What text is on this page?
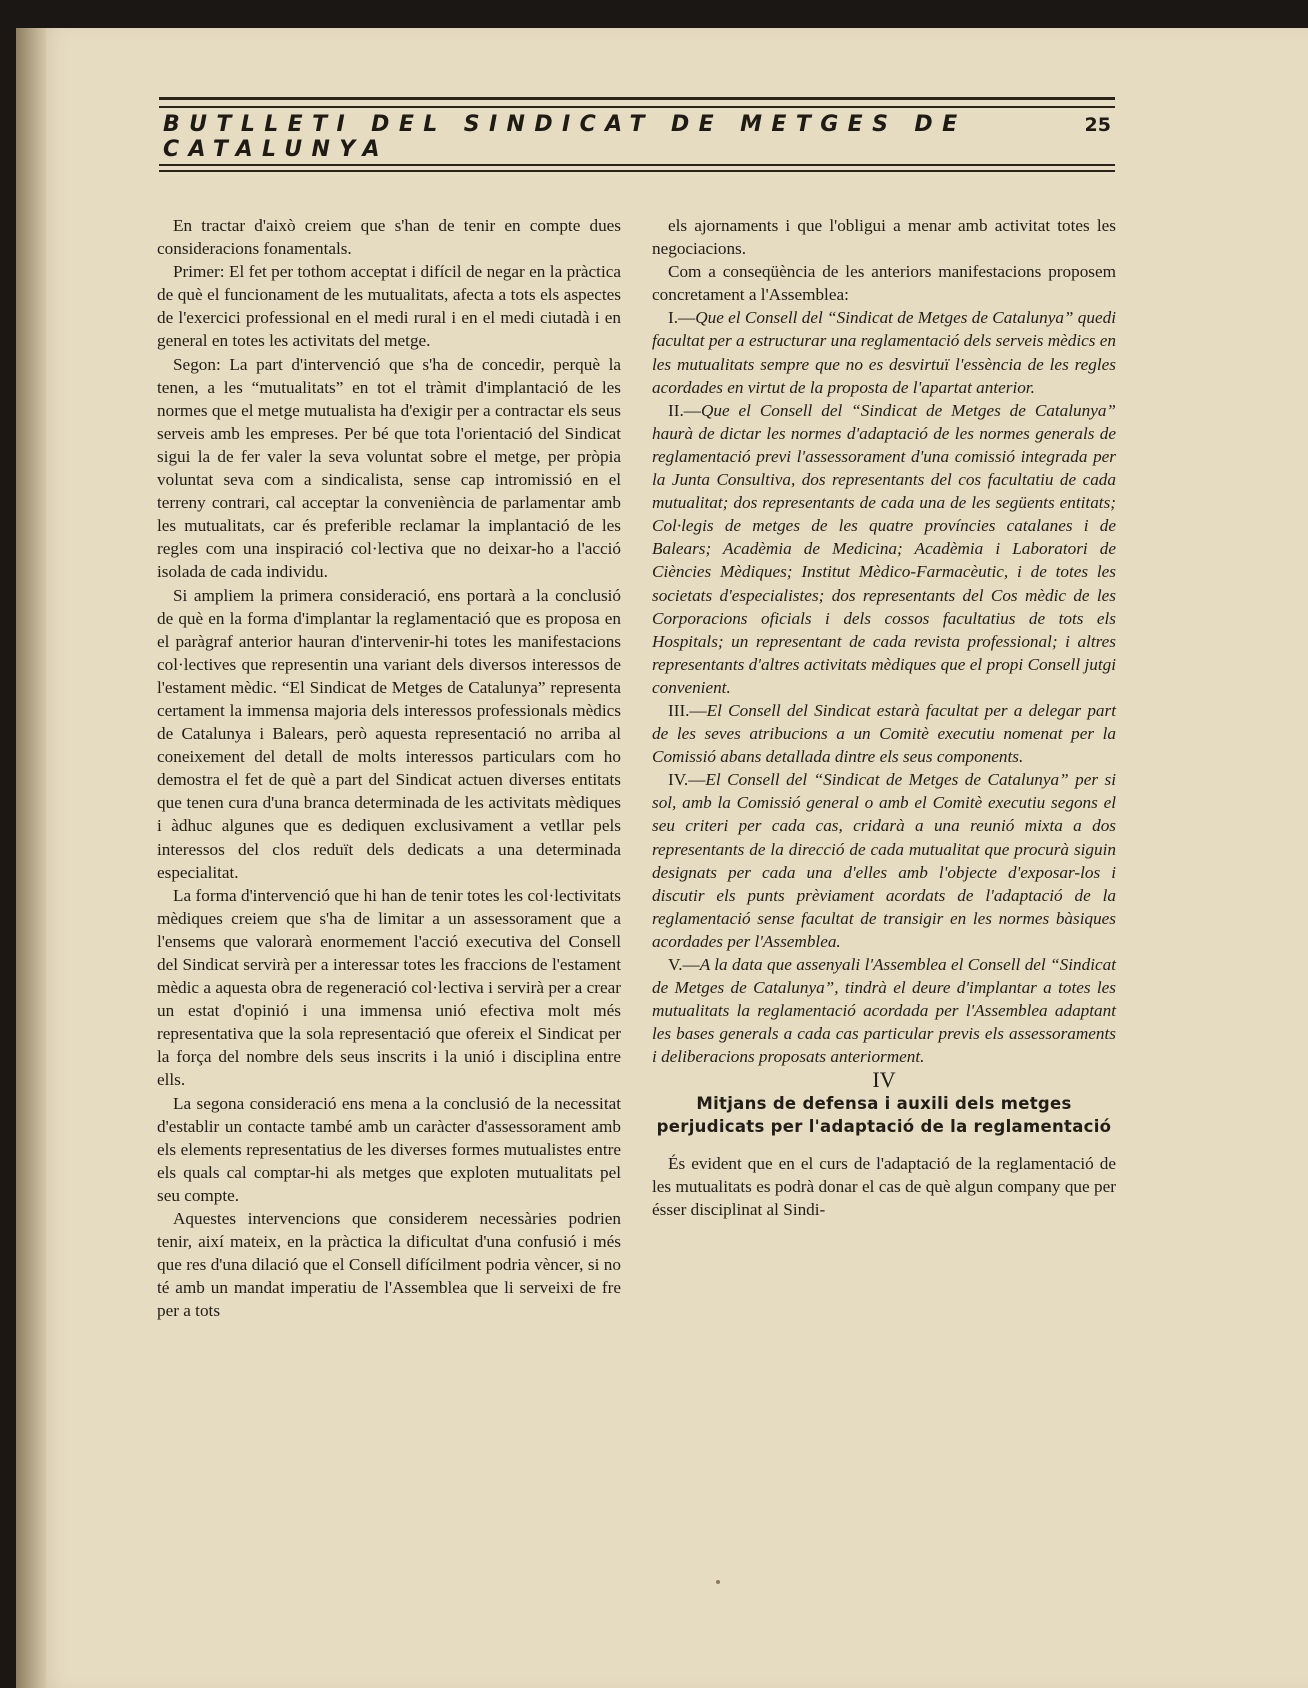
BUTLLETI DEL SINDICAT DE METGES DE CATALUNYA
25

En tractar d'això creiem que s'han de tenir en compte dues consideracions fonamentals.

Primer: El fet per tothom acceptat i difícil de negar en la pràctica de què el funcionament de les mutualitats, afecta a tots els aspectes de l'exercici professional en el medi rural i en el medi ciutadà i en general en totes les activitats del metge.

Segon: La part d'intervenció que s'ha de concedir, perquè la tenen, a les “mutualitats” en tot el tràmit d'implantació de les normes que el metge mutualista ha d'exigir per a contractar els seus serveis amb les empreses. Per bé que tota l'orientació del Sindicat sigui la de fer valer la seva voluntat sobre el metge, per pròpia voluntat seva com a sindicalista, sense cap intromissió en el terreny contrari, cal acceptar la conveniència de parlamentar amb les mutualitats, car és preferible reclamar la implantació de les regles com una inspiració col·lectiva que no deixar-ho a l'acció isolada de cada individu.

Si ampliem la primera consideració, ens portarà a la conclusió de què en la forma d'implantar la reglamentació que es proposa en el paràgraf anterior hauran d'intervenir-hi totes les manifestacions col·lectives que representin una variant dels diversos interessos de l'estament mèdic. “El Sindicat de Metges de Catalunya” representa certament la immensa majoria dels interessos professionals mèdics de Catalunya i Balears, però aquesta representació no arriba al coneixement del detall de molts interessos particulars com ho demostra el fet de què a part del Sindicat actuen diverses entitats que tenen cura d'una branca determinada de les activitats mèdiques i àdhuc algunes que es dediquen exclusivament a vetllar pels interessos del clos reduït dels dedicats a una determinada especialitat.

La forma d'intervenció que hi han de tenir totes les col·lectivitats mèdiques creiem que s'ha de limitar a un assessorament que a l'ensems que valorarà enormement l'acció executiva del Consell del Sindicat servirà per a interessar totes les fraccions de l'estament mèdic a aquesta obra de regeneració col·lectiva i servirà per a crear un estat d'opinió i una immensa unió efectiva molt més representativa que la sola representació que ofereix el Sindicat per la força del nombre dels seus inscrits i la unió i disciplina entre ells.

La segona consideració ens mena a la conclusió de la necessitat d'establir un contacte també amb un caràcter d'assessorament amb els elements representatius de les diverses formes mutualistes entre els quals cal comptar-hi als metges que exploten mutualitats pel seu compte.

Aquestes intervencions que considerem necessàries podrien tenir, així mateix, en la pràctica la dificultat d'una confusió i més que res d'una dilació que el Consell difícilment podria vèncer, si no té amb un mandat imperatiu de l'Assemblea que li serveixi de fre per a tots

els ajornaments i que l'obligui a menar amb activitat totes les negociacions.

Com a conseqüència de les anteriors manifestacions proposem concretament a l'Assemblea:

I.—Que el Consell del “Sindicat de Metges de Catalunya” quedi facultat per a estructurar una reglamentació dels serveis mèdics en les mutualitats sempre que no es desvirtuï l'essència de les regles acordades en virtut de la proposta de l'apartat anterior.

II.—Que el Consell del “Sindicat de Metges de Catalunya” haurà de dictar les normes d'adaptació de les normes generals de reglamentació previ l'assessorament d'una comissió integrada per la Junta Consultiva, dos representants del cos facultatiu de cada mutualitat; dos representants de cada una de les següents entitats; Col·legis de metges de les quatre províncies catalanes i de Balears; Acadèmia de Medicina; Acadèmia i Laboratori de Ciències Mèdiques; Institut Mèdico-Farmacèutic, i de totes les societats d'especialistes; dos representants del Cos mèdic de les Corporacions oficials i dels cossos facultatius de tots els Hospitals; un representant de cada revista professional; i altres representants d'altres activitats mèdiques que el propi Consell jutgi convenient.

III.—El Consell del Sindicat estarà facultat per a delegar part de les seves atribucions a un Comitè executiu nomenat per la Comissió abans detallada dintre els seus components.

IV.—El Consell del “Sindicat de Metges de Catalunya” per si sol, amb la Comissió general o amb el Comitè executiu segons el seu criteri per cada cas, cridarà a una reunió mixta a dos representants de la direcció de cada mutualitat que procurà siguin designats per cada una d'elles amb l'objecte d'exposar-los i discutir els punts prèviament acordats de l'adaptació de la reglamentació sense facultat de transigir en les normes bàsiques acordades per l'Assemblea.

V.—A la data que assenyali l'Assemblea el Consell del “Sindicat de Metges de Catalunya”, tindrà el deure d'implantar a totes les mutualitats la reglamentació acordada per l'Assemblea adaptant les bases generals a cada cas particular previs els assessoraments i deliberacions proposats anteriorment.

IV

Mitjans de defensa i auxili dels metges perjudicats per l'adaptació de la reglamentació

És evident que en el curs de l'adaptació de la reglamentació de les mutualitats es podrà donar el cas de què algun company que per ésser disciplinat al Sindi-
